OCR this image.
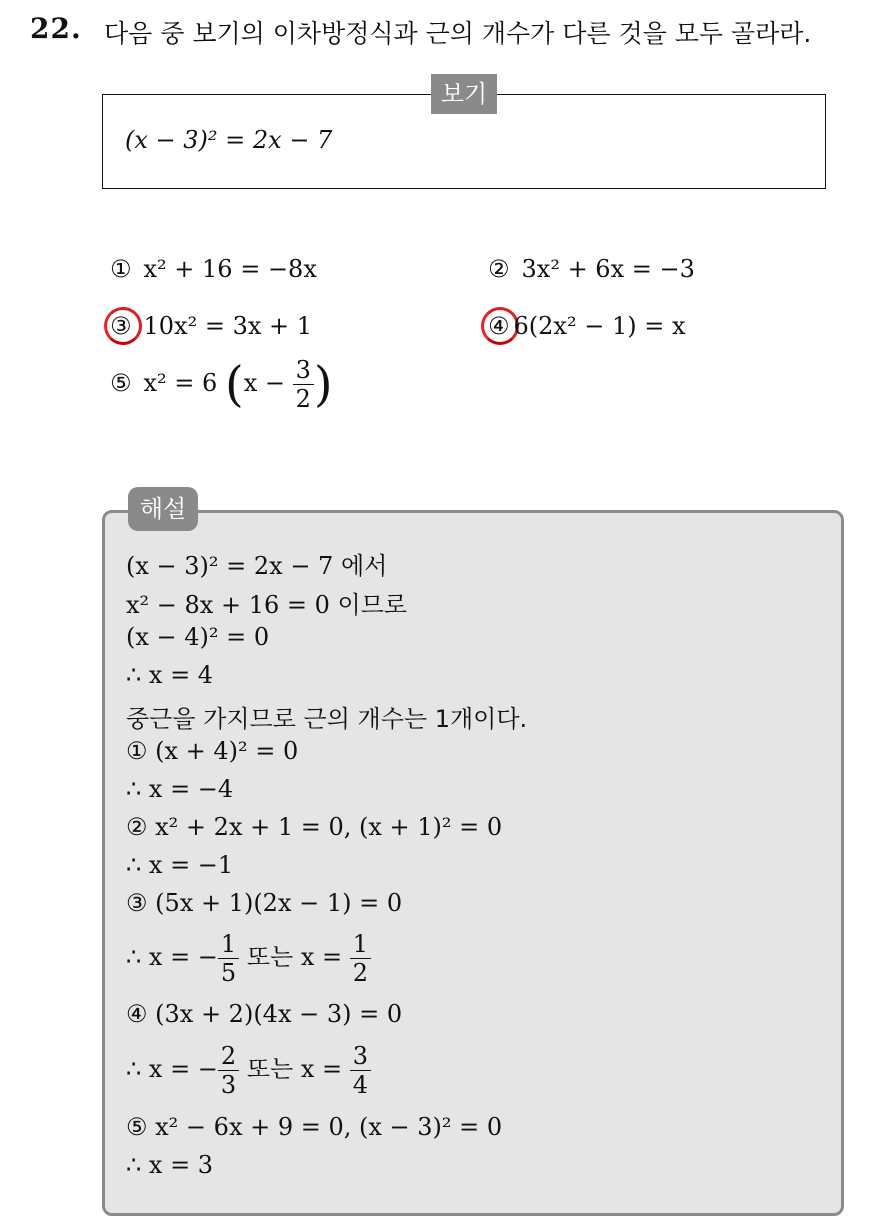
22. 다음 중 보기의 이차방정식과 근의 개수가 다른 것을 모두 골라라.
보기
(x − 3)² = 2x − 7
① x² + 16 = −8x	② 3x² + 6x = −3
③ 10x² = 3x + 1	④ 6(2x² − 1) = x
⑤ x² = 6 ($x - \frac{3}{2}$ )
해설
(x − 3)² = 2x − 7 에서
x² − 8x + 16 = 0 이므로
(x − 4)² = 0
∴ x = 4
중근을 가지므로 근의 개수는 1개이다.
① (x + 4)² = 0
∴ x = −4
② x² + 2x + 1 = 0, (x + 1)² = 0
∴ x = −1
③ (5x + 1)(2x − 1) = 0
∴ x = − $\frac{1}{5}$ 또는 $x = \frac{1}{2}$
④ (3x + 2)(4x − 3) = 0
∴ x = − $\frac{2}{3}$ 또는 $x = \frac{3}{4}$
⑤ x² − 6x + 9 = 0, (x − 3)² = 0
∴ x = 3
